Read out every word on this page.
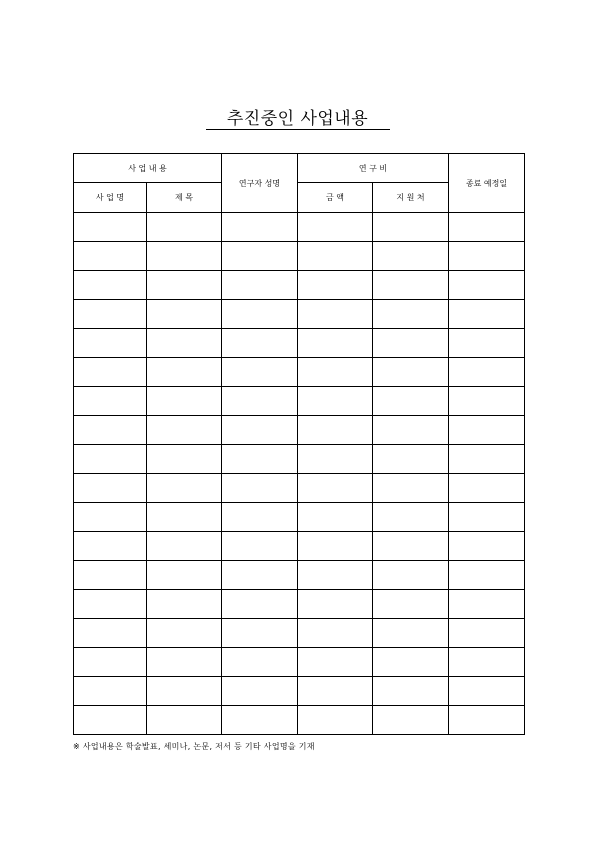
추진중인 사업내용
사 업 내 용		연구자 성명	연 구 비		종료 예정일
사 업 명	제 목		금 액	지 원 처	

※ 사업내용은 학술발표, 세미나, 논문, 저서 등 기타 사업명을 기재
